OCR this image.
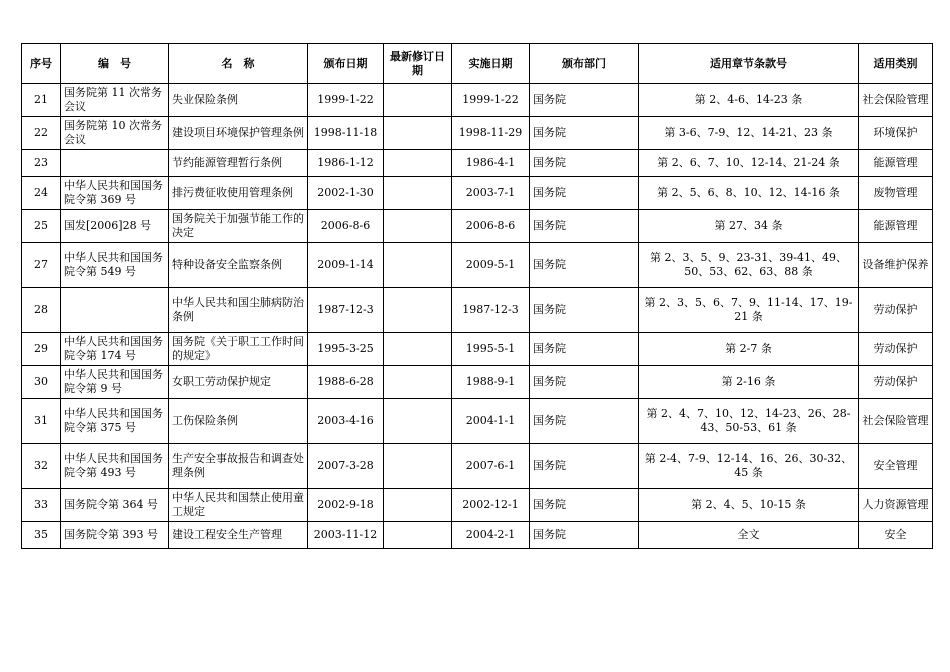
序号	编　号	名　称	颁布日期	最新修订日期	实施日期	颁布部门	适用章节条款号	适用类别
21	国务院第 11 次常务会议	失业保险条例	1999-1-22		1999-1-22	国务院	第 2、4-6、14-23 条	社会保险管理
22	国务院第 10 次常务会议	建设项目环境保护管理条例	1998-11-18		1998-11-29	国务院	第 3-6、7-9、12、14-21、23 条	环境保护
23		节约能源管理暂行条例	1986-1-12		1986-4-1	国务院	第 2、6、7、10、12-14、21-24 条	能源管理
24	中华人民共和国国务院令第 369 号	排污费征收使用管理条例	2002-1-30		2003-7-1	国务院	第 2、5、6、8、10、12、14-16 条	废物管理
25	国发[2006]28 号	国务院关于加强节能工作的决定	2006-8-6		2006-8-6	国务院	第 27、34 条	能源管理
27	中华人民共和国国务院令第 549 号	特种设备安全监察条例	2009-1-14		2009-5-1	国务院	第 2、3、5、9、23-31、39-41、49、50、53、62、63、88 条	设备维护保养
28		中华人民共和国尘肺病防治条例	1987-12-3		1987-12-3	国务院	第 2、3、5、6、7、9、11-14、17、19-21 条	劳动保护
29	中华人民共和国国务院令第 174 号	国务院《关于职工工作时间的规定》	1995-3-25		1995-5-1	国务院	第 2-7 条	劳动保护
30	中华人民共和国国务院令第 9 号	女职工劳动保护规定	1988-6-28		1988-9-1	国务院	第 2-16 条	劳动保护
31	中华人民共和国国务院令第 375 号	工伤保险条例	2003-4-16		2004-1-1	国务院	第 2、4、7、10、12、14-23、26、28-43、50-53、61 条	社会保险管理
32	中华人民共和国国务院令第 493 号	生产安全事故报告和调查处理条例	2007-3-28		2007-6-1	国务院	第 2-4、7-9、12-14、16、26、30-32、45 条	安全管理
33	国务院令第 364 号	中华人民共和国禁止使用童工规定	2002-9-18		2002-12-1	国务院	第 2、4、5、10-15 条	人力资源管理
35	国务院令第 393 号	建设工程安全生产管理	2003-11-12		2004-2-1	国务院	全文	安全
